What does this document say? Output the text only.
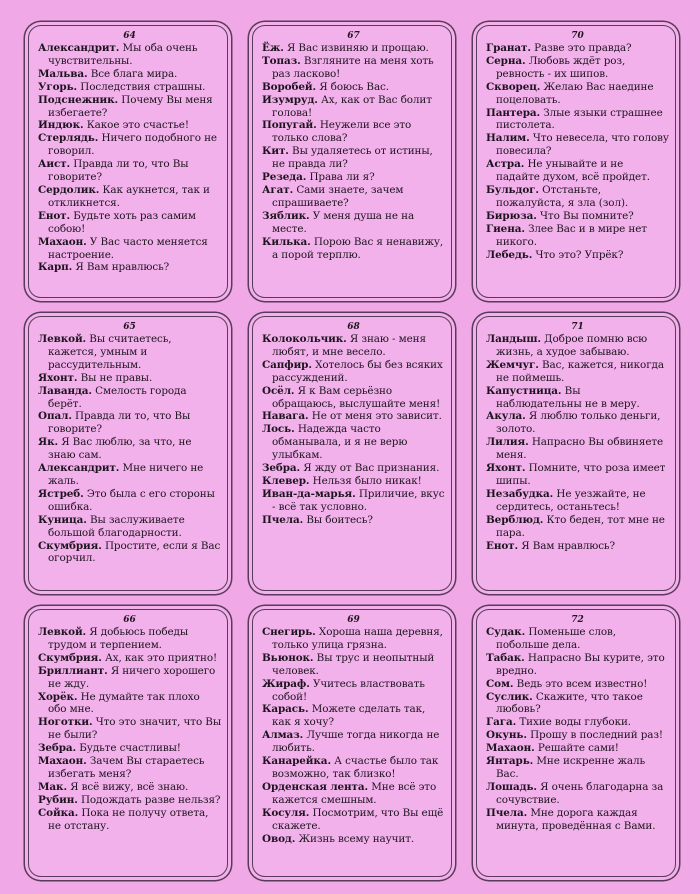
64

Александрит. Мы оба очень чувствительны.

Мальва. Все блага мира.

Угорь. Последствия страшны.

Подснежник. Почему Вы меня избегаете?

Индюк. Какое это счастье!

Стерлядь. Ничего подобного не говорил.

Аист. Правда ли то, что Вы говорите?

Сердолик. Как аукнется, так и откликнется.

Енот. Будьте хоть раз самим собою!

Махаон. У Вас часто меняется настроение.

Карп. Я Вам нравлюсь?

67

Ёж. Я Вас извиняю и прощаю.

Топаз. Взгляните на меня хоть раз ласково!

Воробей. Я боюсь Вас.

Изумруд. Ах, как от Вас болит голова!

Попугай. Неужели все это только слова?

Кит. Вы удаляетесь от истины, не правда ли?

Резеда. Права ли я?

Агат. Сами знаете, зачем спрашиваете?

Зяблик. У меня душа не на месте.

Килька. Порою Вас я ненавижу, а порой терплю.

70

Гранат. Разве это правда?

Серна. Любовь ждёт роз, ревность - их шипов.

Скворец. Желаю Вас наедине поцеловать.

Пантера. Злые языки страшнее пистолета.

Налим. Что невесела, что голову повесила?

Астра. Не унывайте и не падайте духом, всё пройдет.

Бульдог. Отстаньте, пожалуйста, я зла (зол).

Бирюза. Что Вы помните?

Гиена. Злее Вас и в мире нет никого.

Лебедь. Что это? Упрёк?

65

Левкой. Вы считаетесь, кажется, умным и рассудительным.

Яхонт. Вы не правы.

Лаванда. Смелость города берёт.

Опал. Правда ли то, что Вы говорите?

Як. Я Вас люблю, за что, не знаю сам.

Александрит. Мне ничего не жаль.

Ястреб. Это была с его стороны ошибка.

Куница. Вы заслуживаете большой благодарности.

Скумбрия. Простите, если я Вас огорчил.

68

Колокольчик. Я знаю - меня любят, и мне весело.

Сапфир. Хотелось бы без всяких рассуждений.

Осёл. Я к Вам серьёзно обращаюсь, выслушайте меня!

Навага. Не от меня это зависит.

Лось. Надежда часто обманывала, и я не верю улыбкам.

Зебра. Я жду от Вас признания.

Клевер. Нельзя было никак!

Иван-да-марья. Приличие, вкус - всё так условно.

Пчела. Вы боитесь?

71

Ландыш. Доброе помню всю жизнь, а худое забываю.

Жемчуг. Вас, кажется, никогда не поймешь.

Капустница. Вы наблюдательны не в меру.

Акула. Я люблю только деньги, золото.

Лилия. Напрасно Вы обвиняете меня.

Яхонт. Помните, что роза имеет шипы.

Незабудка. Не уезжайте, не сердитесь, останьтесь!

Верблюд. Кто беден, тот мне не пара.

Енот. Я Вам нравлюсь?

66

Левкой. Я добьюсь победы трудом и терпением.

Скумбрия. Ах, как это приятно!

Бриллиант. Я ничего хорошего не жду.

Хорёк. Не думайте так плохо обо мне.

Ноготки. Что это значит, что Вы не были?

Зебра. Будьте счастливы!

Махаон. Зачем Вы стараетесь избегать меня?

Мак. Я всё вижу, всё знаю.

Рубин. Подождать разве нельзя?

Сойка. Пока не получу ответа, не отстану.

69

Снегирь. Хороша наша деревня, только улица грязна.

Вьюнок. Вы трус и неопытный человек.

Жираф. Учитесь властвовать собой!

Карась. Можете сделать так, как я хочу?

Алмаз. Лучше тогда никогда не любить.

Канарейка. А счастье было так возможно, так близко!

Орденская лента. Мне всё это кажется смешным.

Косуля. Посмотрим, что Вы ещё скажете.

Овод. Жизнь всему научит.

72

Судак. Поменьше слов, побольше дела.

Табак. Напрасно Вы курите, это вредно.

Сом. Ведь это всем известно!

Суслик. Скажите, что такое любовь?

Гага. Тихие воды глубоки.

Окунь. Прошу в последний раз!

Махаон. Решайте сами!

Янтарь. Мне искренне жаль Вас.

Лошадь. Я очень благодарна за сочувствие.

Пчела. Мне дорога каждая минута, проведённая с Вами.
